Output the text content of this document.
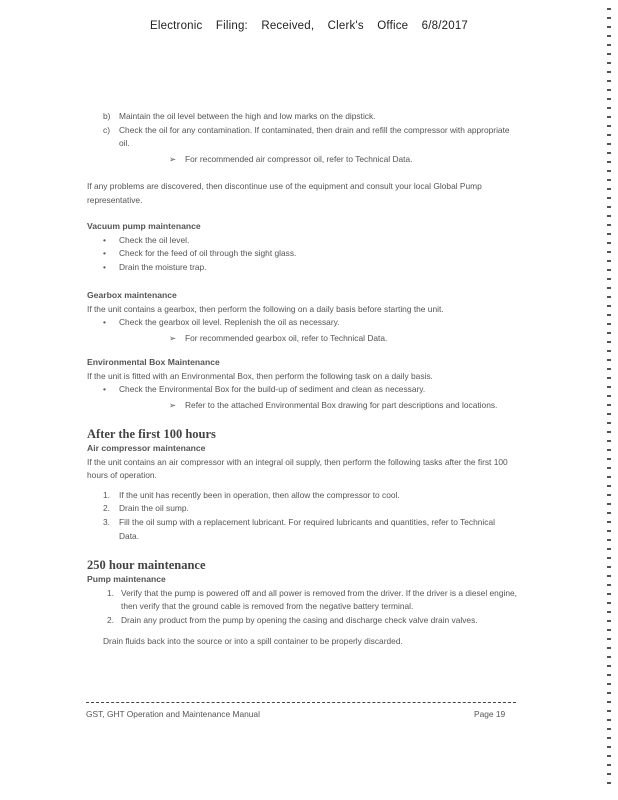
Electronic Filing: Received, Clerk's Office 6/8/2017
b) Maintain the oil level between the high and low marks on the dipstick.
c) Check the oil for any contamination. If contaminated, then drain and refill the compressor with appropriate oil.
➢ For recommended air compressor oil, refer to Technical Data.
If any problems are discovered, then discontinue use of the equipment and consult your local Global Pump representative.
Vacuum pump maintenance
• Check the oil level.
• Check for the feed of oil through the sight glass.
• Drain the moisture trap.
Gearbox maintenance
If the unit contains a gearbox, then perform the following on a daily basis before starting the unit.
• Check the gearbox oil level. Replenish the oil as necessary.
➢ For recommended gearbox oil, refer to Technical Data.
Environmental Box Maintenance
If the unit is fitted with an Environmental Box, then perform the following task on a daily basis.
• Check the Environmental Box for the build-up of sediment and clean as necessary.
➢ Refer to the attached Environmental Box drawing for part descriptions and locations.
After the first 100 hours
Air compressor maintenance
If the unit contains an air compressor with an integral oil supply, then perform the following tasks after the first 100 hours of operation.
1. If the unit has recently been in operation, then allow the compressor to cool.
2. Drain the oil sump.
3. Fill the oil sump with a replacement lubricant. For required lubricants and quantities, refer to Technical Data.
250 hour maintenance
Pump maintenance
1. Verify that the pump is powered off and all power is removed from the driver. If the driver is a diesel engine, then verify that the ground cable is removed from the negative battery terminal.
2. Drain any product from the pump by opening the casing and discharge check valve drain valves.
Drain fluids back into the source or into a spill container to be properly discarded.
GST, GHT Operation and Maintenance Manual	Page 19
